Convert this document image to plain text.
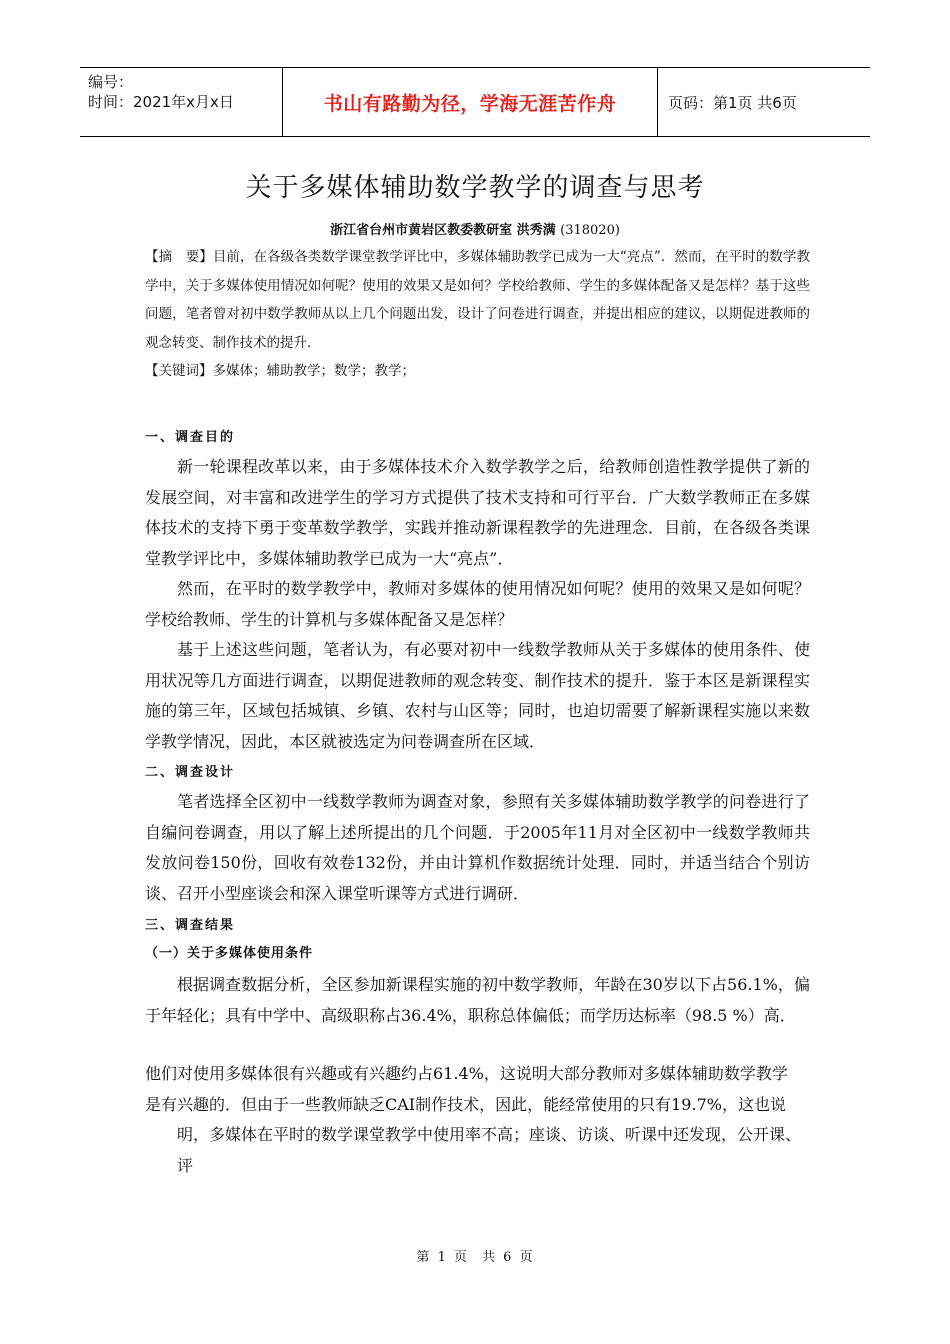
编号：
时间：2021年x月x日	书山有路勤为径，学海无涯苦作舟	页码：第1页 共6页
关于多媒体辅助数学教学的调查与思考
浙江省台州市黄岩区教委教研室 洪秀满 (318020)

【摘　要】目前，在各级各类数学课堂教学评比中，多媒体辅助教学已成为一大“亮点”．然而，在平时的数学教学中，关于多媒体使用情况如何呢？使用的效果又是如何？学校给教师、学生的多媒体配备又是怎样？基于这些问题，笔者曾对初中数学教师从以上几个问题出发，设计了问卷进行调查，并提出相应的建议，以期促进教师的观念转变、制作技术的提升．

【关键词】多媒体；辅助教学；数学；教学；

一、调查目的

新一轮课程改革以来，由于多媒体技术介入数学教学之后，给教师创造性教学提供了新的发展空间，对丰富和改进学生的学习方式提供了技术支持和可行平台．广大数学教师正在多媒体技术的支持下勇于变革数学教学，实践并推动新课程教学的先进理念．目前，在各级各类课堂教学评比中，多媒体辅助教学已成为一大“亮点”．

然而，在平时的数学教学中，教师对多媒体的使用情况如何呢？使用的效果又是如何呢？学校给教师、学生的计算机与多媒体配备又是怎样？

基于上述这些问题，笔者认为，有必要对初中一线数学教师从关于多媒体的使用条件、使用状况等几方面进行调查，以期促进教师的观念转变、制作技术的提升．鉴于本区是新课程实施的第三年，区域包括城镇、乡镇、农村与山区等；同时，也迫切需要了解新课程实施以来数学教学情况，因此，本区就被选定为问卷调查所在区域．

二、调查设计

笔者选择全区初中一线数学教师为调查对象，参照有关多媒体辅助数学教学的问卷进行了自编问卷调查，用以了解上述所提出的几个问题．于2005年11月对全区初中一线数学教师共发放问卷150份，回收有效卷132份，并由计算机作数据统计处理．同时，并适当结合个别访谈、召开小型座谈会和深入课堂听课等方式进行调研．

三、调查结果

（一）关于多媒体使用条件

根据调查数据分析，全区参加新课程实施的初中数学教师，年龄在30岁以下占56.1%，偏于年轻化；具有中学中、高级职称占36.4%，职称总体偏低；而学历达标率（98.5 %）高．

他们对使用多媒体很有兴趣或有兴趣约占61.4%，这说明大部分教师对多媒体辅助数学教学

是有兴趣的．但由于一些教师缺乏CAI制作技术，因此，能经常使用的只有19.7%，这也说明，多媒体在平时的数学课堂教学中使用率不高；座谈、访谈、听课中还发现，公开课、评

第 1 页　共 6 页
